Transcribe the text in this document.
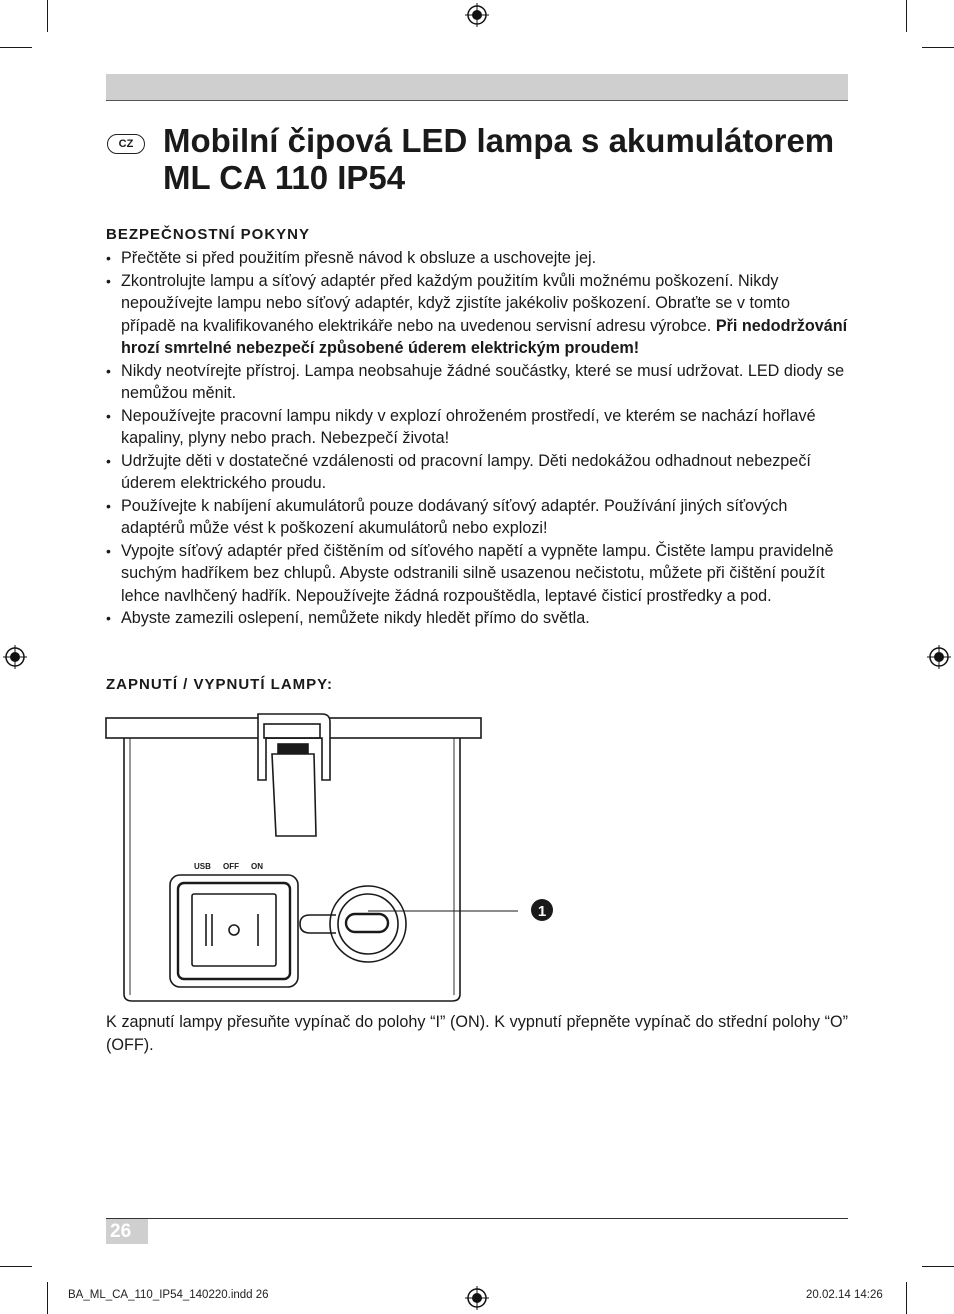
CZ Mobilní čipová LED lampa s akumulátorem
ML CA 110 IP54
BEZPEČNOSTNÍ POKYNY
• Přečtěte si před použitím přesně návod k obsluze a uschovejte jej.
• Zkontrolujte lampu a síťový adaptér před každým použitím kvůli možnému poškození. Nikdy nepoužívejte lampu nebo síťový adaptér, když zjistíte jakékoliv poškození. Obraťte se v tomto případě na kvalifikovaného elektrikáře nebo na uvedenou servisní adresu výrobce. Při nedodržování hrozí smrtelné nebezpečí způsobené úderem elektrickým proudem!
• Nikdy neotvírejte přístroj. Lampa neobsahuje žádné součástky, které se musí udržovat. LED diody se nemůžou měnit.
• Nepoužívejte pracovní lampu nikdy v explozí ohroženém prostředí, ve kterém se nachází hořlavé kapaliny, plyny nebo prach. Nebezpečí života!
• Udržujte děti v dostatečné vzdálenosti od pracovní lampy. Děti nedokážou odhadnout nebezpečí úderem elektrického proudu.
• Používejte k nabíjení akumulátorů pouze dodávaný síťový adaptér. Používání jiných síťových adaptérů může vést k poškození akumulátorů nebo explozi!
• Vypojte síťový adaptér před čištěním od síťového napětí a vypněte lampu. Čistěte lampu pravidelně suchým hadříkem bez chlupů. Abyste odstranili silně usazenou nečistotu, můžete při čištění použít lehce navlhčený hadřík. Nepoužívejte žádná rozpouštědla, leptavé čisticí prostředky a pod.
• Abyste zamezili oslepení, nemůžete nikdy hledět přímo do světla.
ZAPNUTÍ / VYPNUTÍ LAMPY:
USB OFF ON
1

K zapnutí lampy přesuňte vypínač do polohy “I” (ON). K vypnutí přepněte vypínač do střední polohy “O” (OFF).

26
BA_ML_CA_110_IP54_140220.indd 26	20.02.14 14:26
